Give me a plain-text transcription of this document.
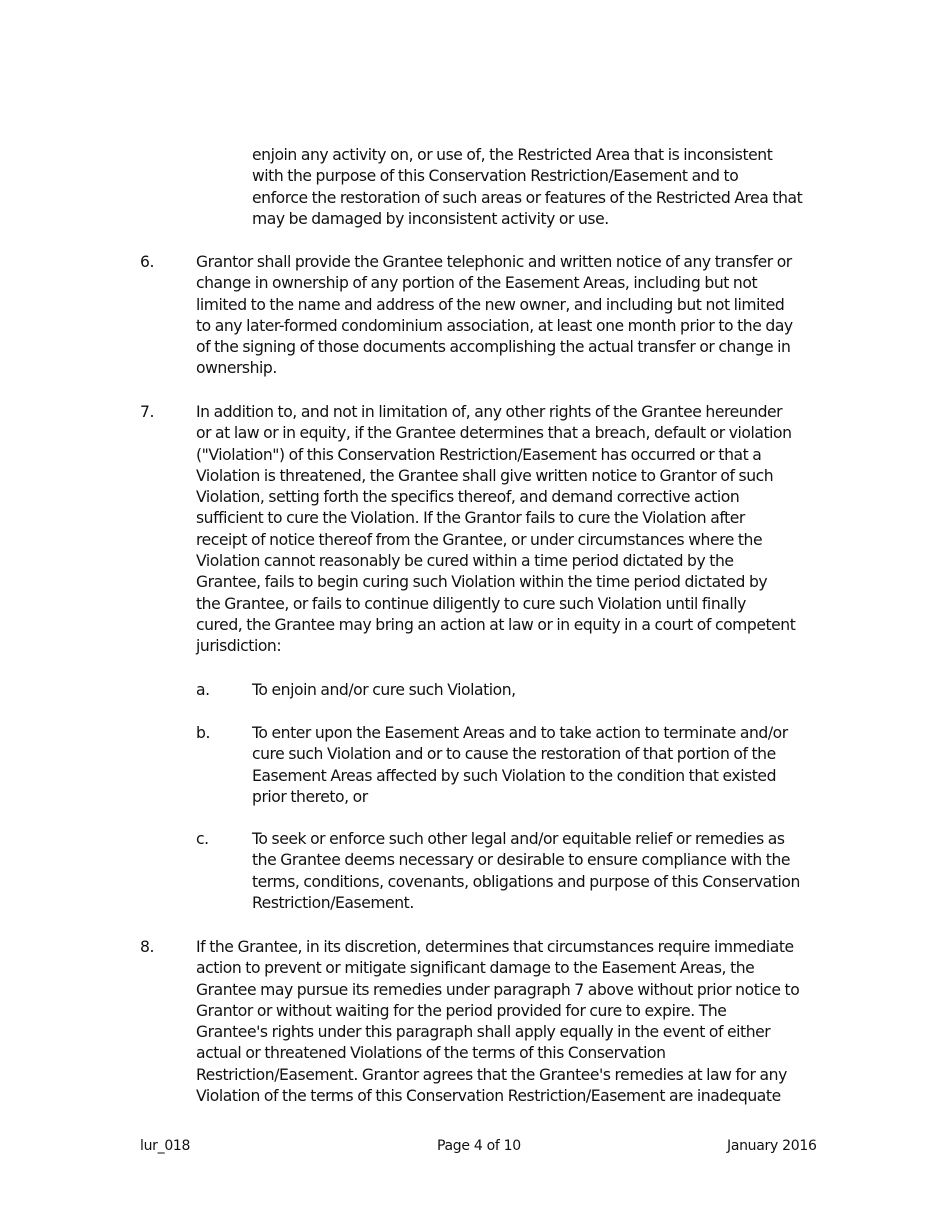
enjoin any activity on, or use of, the Restricted Area that is inconsistent
with the purpose of this Conservation Restriction/Easement and to
enforce the restoration of such areas or features of the Restricted Area that
may be damaged by inconsistent activity or use.
6.	Grantor shall provide the Grantee telephonic and written notice of any transfer or
change in ownership of any portion of the Easement Areas, including but not
limited to the name and address of the new owner, and including but not limited
to any later-formed condominium association, at least one month prior to the day
of the signing of those documents accomplishing the actual transfer or change in
ownership.
7.	In addition to, and not in limitation of, any other rights of the Grantee hereunder
or at law or in equity, if the Grantee determines that a breach, default or violation
("Violation") of this Conservation Restriction/Easement has occurred or that a
Violation is threatened, the Grantee shall give written notice to Grantor of such
Violation, setting forth the specifics thereof, and demand corrective action
sufficient to cure the Violation. If the Grantor fails to cure the Violation after
receipt of notice thereof from the Grantee, or under circumstances where the
Violation cannot reasonably be cured within a time period dictated by the
Grantee, fails to begin curing such Violation within the time period dictated by
the Grantee, or fails to continue diligently to cure such Violation until finally
cured, the Grantee may bring an action at law or in equity in a court of competent
jurisdiction:
a.	To enjoin and/or cure such Violation,
b.	To enter upon the Easement Areas and to take action to terminate and/or
cure such Violation and or to cause the restoration of that portion of the
Easement Areas affected by such Violation to the condition that existed
prior thereto, or
c.	To seek or enforce such other legal and/or equitable relief or remedies as
the Grantee deems necessary or desirable to ensure compliance with the
terms, conditions, covenants, obligations and purpose of this Conservation
Restriction/Easement.
8.	If the Grantee, in its discretion, determines that circumstances require immediate
action to prevent or mitigate significant damage to the Easement Areas, the
Grantee may pursue its remedies under paragraph 7 above without prior notice to
Grantor or without waiting for the period provided for cure to expire. The
Grantee's rights under this paragraph shall apply equally in the event of either
actual or threatened Violations of the terms of this Conservation
Restriction/Easement. Grantor agrees that the Grantee's remedies at law for any
Violation of the terms of this Conservation Restriction/Easement are inadequate
lur_018	Page 4 of 10	January 2016
